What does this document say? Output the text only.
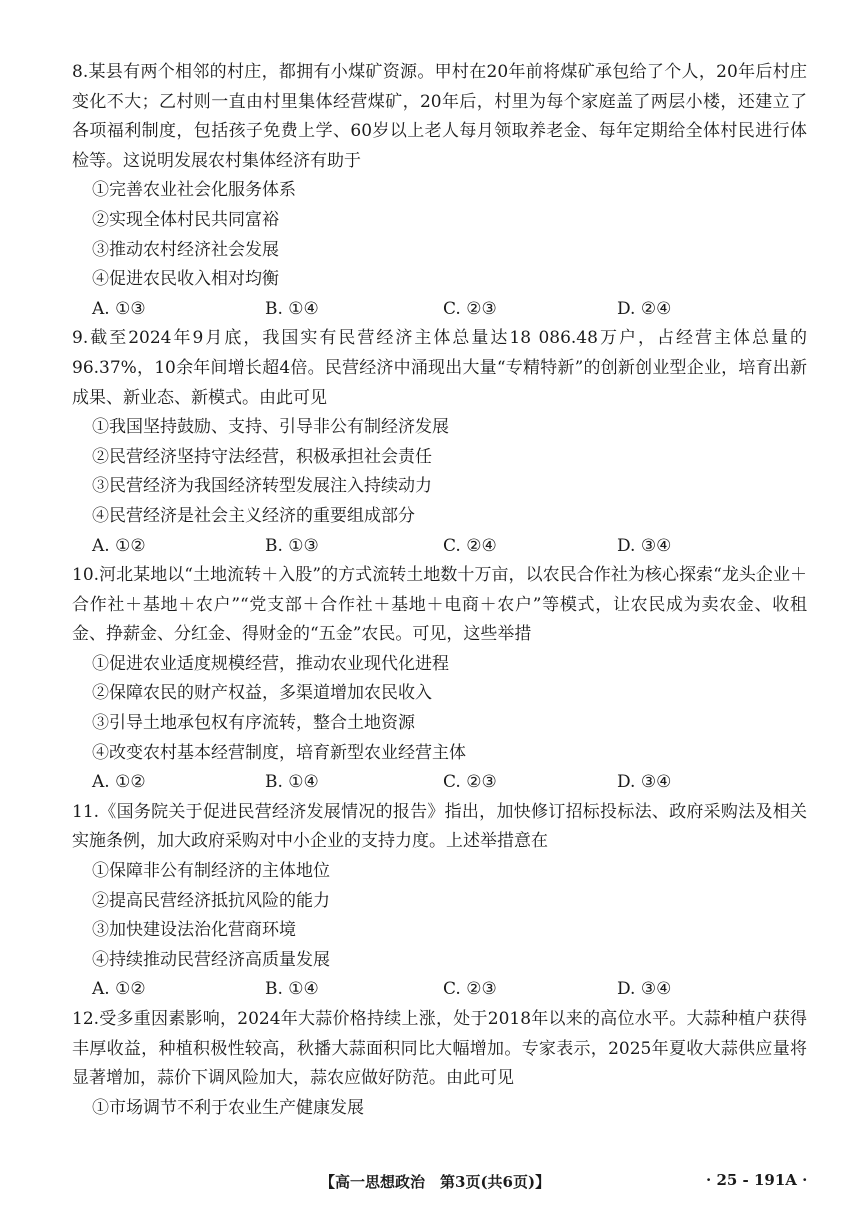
8.某县有两个相邻的村庄，都拥有小煤矿资源。甲村在20年前将煤矿承包给了个人，20年后村庄变化不大；乙村则一直由村里集体经营煤矿，20年后，村里为每个家庭盖了两层小楼，还建立了各项福利制度，包括孩子免费上学、60岁以上老人每月领取养老金、每年定期给全体村民进行体检等。这说明发展农村集体经济有助于

①完善农业社会化服务体系

②实现全体村民共同富裕

③推动农村经济社会发展

④促进农民收入相对均衡

A. ①③	B. ①④	C. ②③	D. ②④

9.截至2024年9月底，我国实有民营经济主体总量达18 086.48万户，占经营主体总量的96.37%，10余年间增长超4倍。民营经济中涌现出大量“专精特新”的创新创业型企业，培育出新成果、新业态、新模式。由此可见

①我国坚持鼓励、支持、引导非公有制经济发展

②民营经济坚持守法经营，积极承担社会责任

③民营经济为我国经济转型发展注入持续动力

④民营经济是社会主义经济的重要组成部分

A. ①②	B. ①③	C. ②④	D. ③④

10.河北某地以“土地流转＋入股”的方式流转土地数十万亩，以农民合作社为核心探索“龙头企业＋合作社＋基地＋农户”“党支部＋合作社＋基地＋电商＋农户”等模式，让农民成为卖农金、收租金、挣薪金、分红金、得财金的“五金”农民。可见，这些举措

①促进农业适度规模经营，推动农业现代化进程

②保障农民的财产权益，多渠道增加农民收入

③引导土地承包权有序流转，整合土地资源

④改变农村基本经营制度，培育新型农业经营主体

A. ①②	B. ①④	C. ②③	D. ③④

11.《国务院关于促进民营经济发展情况的报告》指出，加快修订招标投标法、政府采购法及相关实施条例，加大政府采购对中小企业的支持力度。上述举措意在

①保障非公有制经济的主体地位

②提高民营经济抵抗风险的能力

③加快建设法治化营商环境

④持续推动民营经济高质量发展

A. ①②	B. ①④	C. ②③	D. ③④

12.受多重因素影响，2024年大蒜价格持续上涨，处于2018年以来的高位水平。大蒜种植户获得丰厚收益，种植积极性较高，秋播大蒜面积同比大幅增加。专家表示，2025年夏收大蒜供应量将显著增加，蒜价下调风险加大，蒜农应做好防范。由此可见

①市场调节不利于农业生产健康发展

【高一思想政治　第3页(共6页)】	· 25 - 191A ·
